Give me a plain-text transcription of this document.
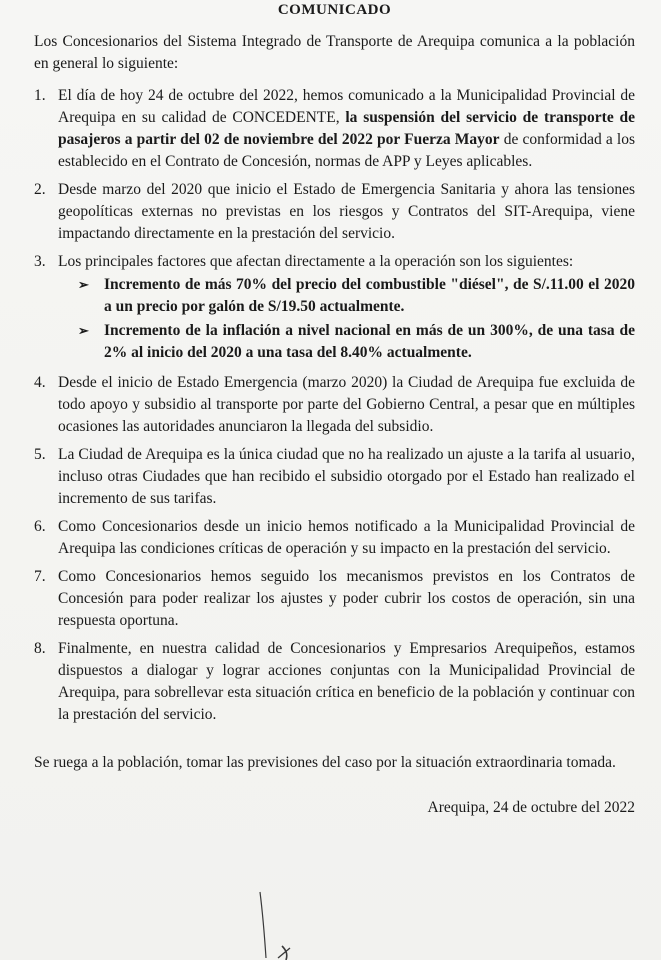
COMUNICADO

Los Concesionarios del Sistema Integrado de Transporte de Arequipa comunica a la población en general lo siguiente:

1. El día de hoy 24 de octubre del 2022, hemos comunicado a la Municipalidad Provincial de Arequipa en su calidad de CONCEDENTE, la suspensión del servicio de transporte de pasajeros a partir del 02 de noviembre del 2022 por Fuerza Mayor de conformidad a los establecido en el Contrato de Concesión, normas de APP y Leyes aplicables.
2. Desde marzo del 2020 que inicio el Estado de Emergencia Sanitaria y ahora las tensiones geopolíticas externas no previstas en los riesgos y Contratos del SIT-Arequipa, viene impactando directamente en la prestación del servicio.
3. Los principales factores que afectan directamente a la operación son los siguientes:
➢ Incremento de más 70% del precio del combustible "diésel", de S/.11.00 el 2020 a un precio por galón de S/19.50 actualmente.
➢ Incremento de la inflación a nivel nacional en más de un 300%, de una tasa de 2% al inicio del 2020 a una tasa del 8.40% actualmente.
4. Desde el inicio de Estado Emergencia (marzo 2020) la Ciudad de Arequipa fue excluida de todo apoyo y subsidio al transporte por parte del Gobierno Central, a pesar que en múltiples ocasiones las autoridades anunciaron la llegada del subsidio.
5. La Ciudad de Arequipa es la única ciudad que no ha realizado un ajuste a la tarifa al usuario, incluso otras Ciudades que han recibido el subsidio otorgado por el Estado han realizado el incremento de sus tarifas.
6. Como Concesionarios desde un inicio hemos notificado a la Municipalidad Provincial de Arequipa las condiciones críticas de operación y su impacto en la prestación del servicio.
7. Como Concesionarios hemos seguido los mecanismos previstos en los Contratos de Concesión para poder realizar los ajustes y poder cubrir los costos de operación, sin una respuesta oportuna.
8. Finalmente, en nuestra calidad de Concesionarios y Empresarios Arequipeños, estamos dispuestos a dialogar y lograr acciones conjuntas con la Municipalidad Provincial de Arequipa, para sobrellevar esta situación crítica en beneficio de la población y continuar con la prestación del servicio.

Se ruega a la población, tomar las previsiones del caso por la situación extraordinaria tomada.

Arequipa, 24 de octubre del 2022
